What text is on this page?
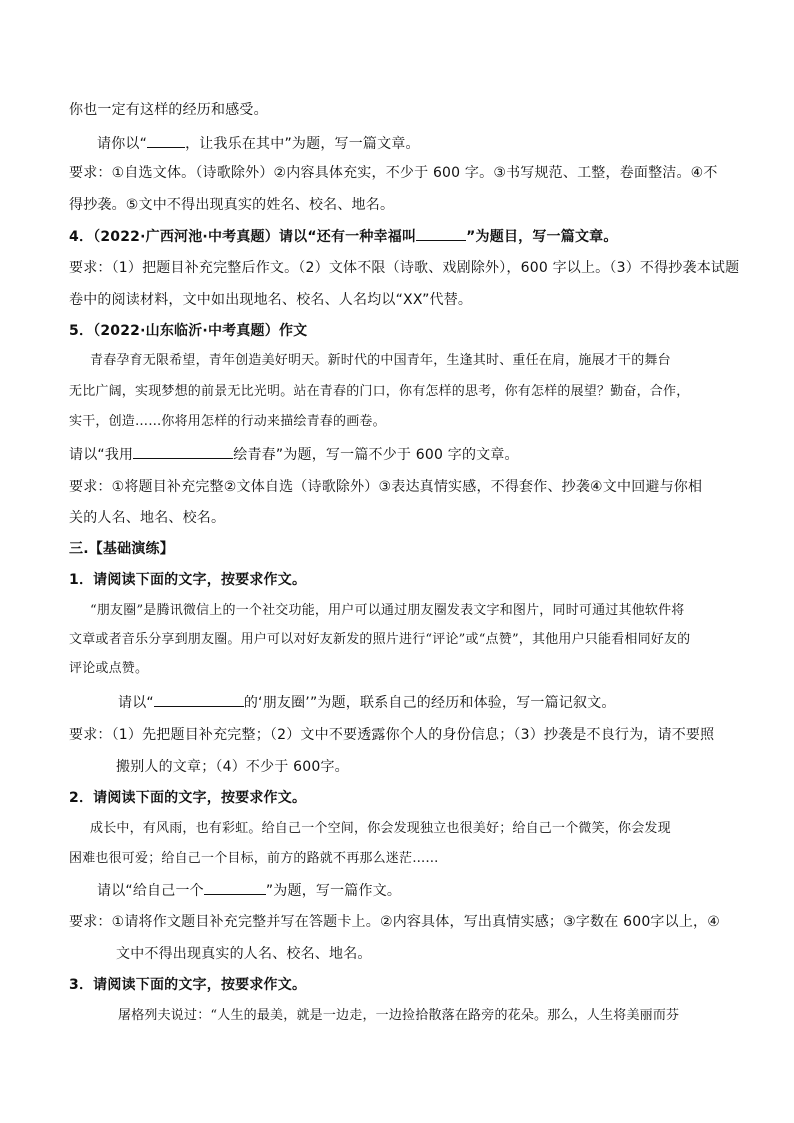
你也一定有这样的经历和感受。
请你以“	，让我乐在其中”为题，写一篇文章。
要求：①自选文体。（诗歌除外）②内容具体充实，不少于 600 字。③书写规范、工整，卷面整洁。④不
得抄袭。⑤文中不得出现真实的姓名、校名、地名。
4．（2022·广西河池·中考真题）请以“还有一种幸福叫	”为题目，写一篇文章。
要求：（1）把题目补充完整后作文。（2）文体不限（诗歌、戏剧除外），600 字以上。（3）不得抄袭本试题
卷中的阅读材料，文中如出现地名、校名、人名均以“XX”代替。
5．（2022·山东临沂·中考真题）作文
青春孕育无限希望，青年创造美好明天。新时代的中国青年，生逢其时、重任在肩，施展才干的舞台
无比广阔，实现梦想的前景无比光明。站在青春的门口，你有怎样的思考，你有怎样的展望？勤奋，合作，
实干，创造……你将用怎样的行动来描绘青春的画卷。
请以“我用	绘青春”为题，写一篇不少于 600 字的文章。
要求：①将题目补充完整②文体自选（诗歌除外）③表达真情实感，不得套作、抄袭④文中回避与你相
关的人名、地名、校名。
三.【基础演练】
1．请阅读下面的文字，按要求作文。
“朋友圈”是腾讯微信上的一个社交功能，用户可以通过朋友圈发表文字和图片，同时可通过其他软件将
文章或者音乐分享到朋友圈。用户可以对好友新发的照片进行“评论”或“点赞”，其他用户只能看相同好友的
评论或点赞。
请以“	的‘朋友圈’”为题，联系自己的经历和体验，写一篇记叙文。
要求：（1）先把题目补充完整；（2）文中不要透露你个人的身份信息；（3）抄袭是不良行为，请不要照
搬别人的文章；（4）不少于 600字。
2．请阅读下面的文字，按要求作文。
成长中，有风雨，也有彩虹。给自己一个空间，你会发现独立也很美好；给自己一个微笑，你会发现
困难也很可爱；给自己一个目标，前方的路就不再那么迷茫……
请以“给自己一个	”为题，写一篇作文。
要求：①请将作文题目补充完整并写在答题卡上。②内容具体，写出真情实感；③字数在 600字以上，④
文中不得出现真实的人名、校名、地名。
3．请阅读下面的文字，按要求作文。
屠格列夫说过：“人生的最美，就是一边走，一边捡拾散落在路旁的花朵。那么，人生将美丽而芬
